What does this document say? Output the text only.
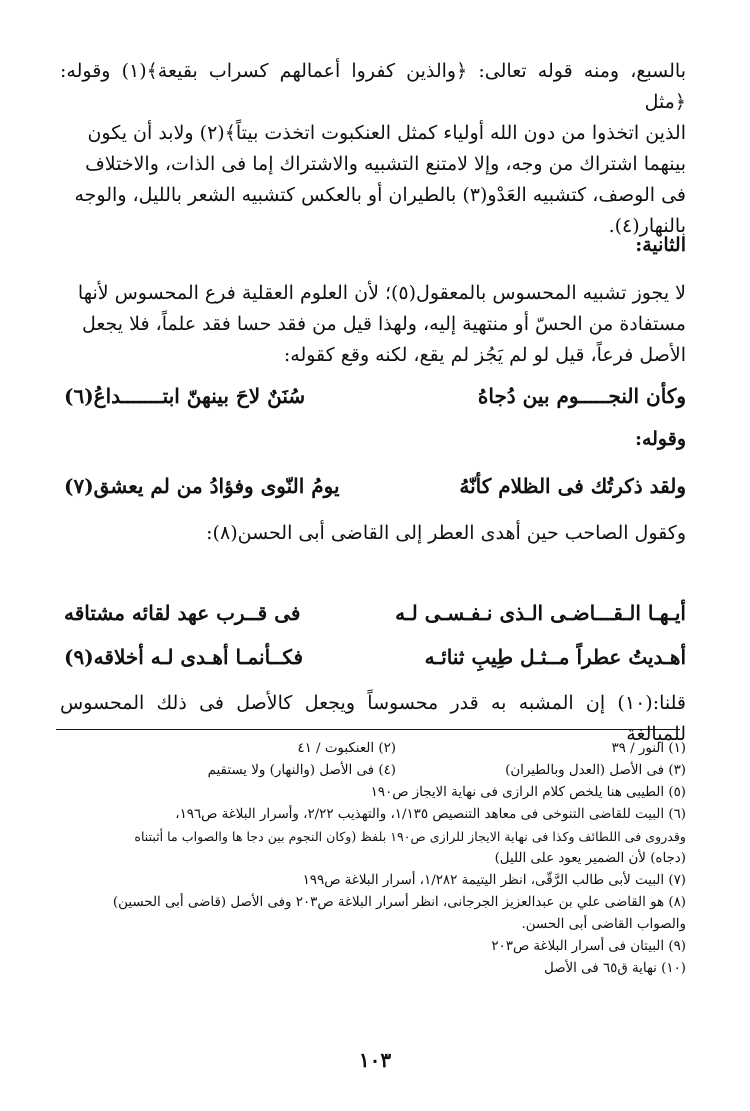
بالسبع، ومنه قوله تعالى: ﴿والذين كفروا أعمالهم كسراب بقيعة﴾(١) وقوله: ﴿مثل
الذين اتخذوا من دون الله أولياء كمثل العنكبوت اتخذت بيتاً﴾(٢) ولابد أن يكون
بينهما اشتراك من وجه، وإلا لامتنع التشبيه والاشتراك إما فى الذات، والاختلاف
فى الوصف، كتشبيه العَدْو(٣) بالطيران أو بالعكس كتشبيه الشعر بالليل، والوجه
بالنهار(٤).
الثانية:
لا يجوز تشبيه المحسوس بالمعقول(٥)؛ لأن العلوم العقلية فرع المحسوس لأنها
مستفادة من الحسّ أو منتهية إليه، ولهذا قيل من فقد حسا فقد علماً، فلا يجعل
الأصل فرعاً، قيل لو لم يَجُز لم يقع، لكنه وقع كقوله:
وكأن النجـــــوم بين دُجاهُ
سُنَنٌ لاحَ بينهنّ ابتـــــــداعُ(٦)
وقوله:
ولقد ذكرتُك فى الظلام كأنّهُ
يومُ النّوى وفؤادُ من لم يعشق(٧)
وكقول الصاحب حين أهدى العطر إلى القاضى أبى الحسن(٨):
أيـهـا الـقـــاضـى الـذى نـفـسـى لـه
فى قــرب عهد لقائه مشتاقه
أهـديتُ عطراً مــثـل طِيبِ ثنائـه
فكــأنمـا أهـدى لـه أخلاقه(٩)
قلنا:(١٠) إن المشبه به قدر محسوساً ويجعل كالأصل فى ذلك المحسوس للمبالغة
(١) النور / ٣٩
(٢) العنكبوت / ٤١
(٣) فى الأصل (العدل وبالطيران)
(٤) فى الأصل (والنهار) ولا يستقيم
(٥) الطيبى هنا يلخص كلام الرازى فى نهاية الايجاز ص١٩٠
(٦) البيت للقاضى التنوخى فى معاهد التنصيص ١/١٣٥، والتهذيب ٢/٢٢، وأسرار البلاغة ص١٩٦،
وقدروى فى اللطائف وكذا فى نهاية الايجاز للرازى ص١٩٠ بلفظ (وكان النجوم بين دجا ها والصواب ما أثبتناه
(دجاه) لأن الضمير يعود على الليل)
(٧) البيت لأبى طالب الرَّقّى، انظر اليتيمة ١/٢٨٢، أسرار البلاغة ص١٩٩
(٨) هو القاضى علي بن عبدالعزيز الجرجانى، انظر أسرار البلاغة ص٢٠٣ وفى الأصل (قاضى أبى الحسين)
والصواب القاضى أبى الحسن.
(٩) البيتان فى أسرار البلاغة ص٢٠٣
(١٠) نهاية ق٦٥ فى الأصل
١٠٣
